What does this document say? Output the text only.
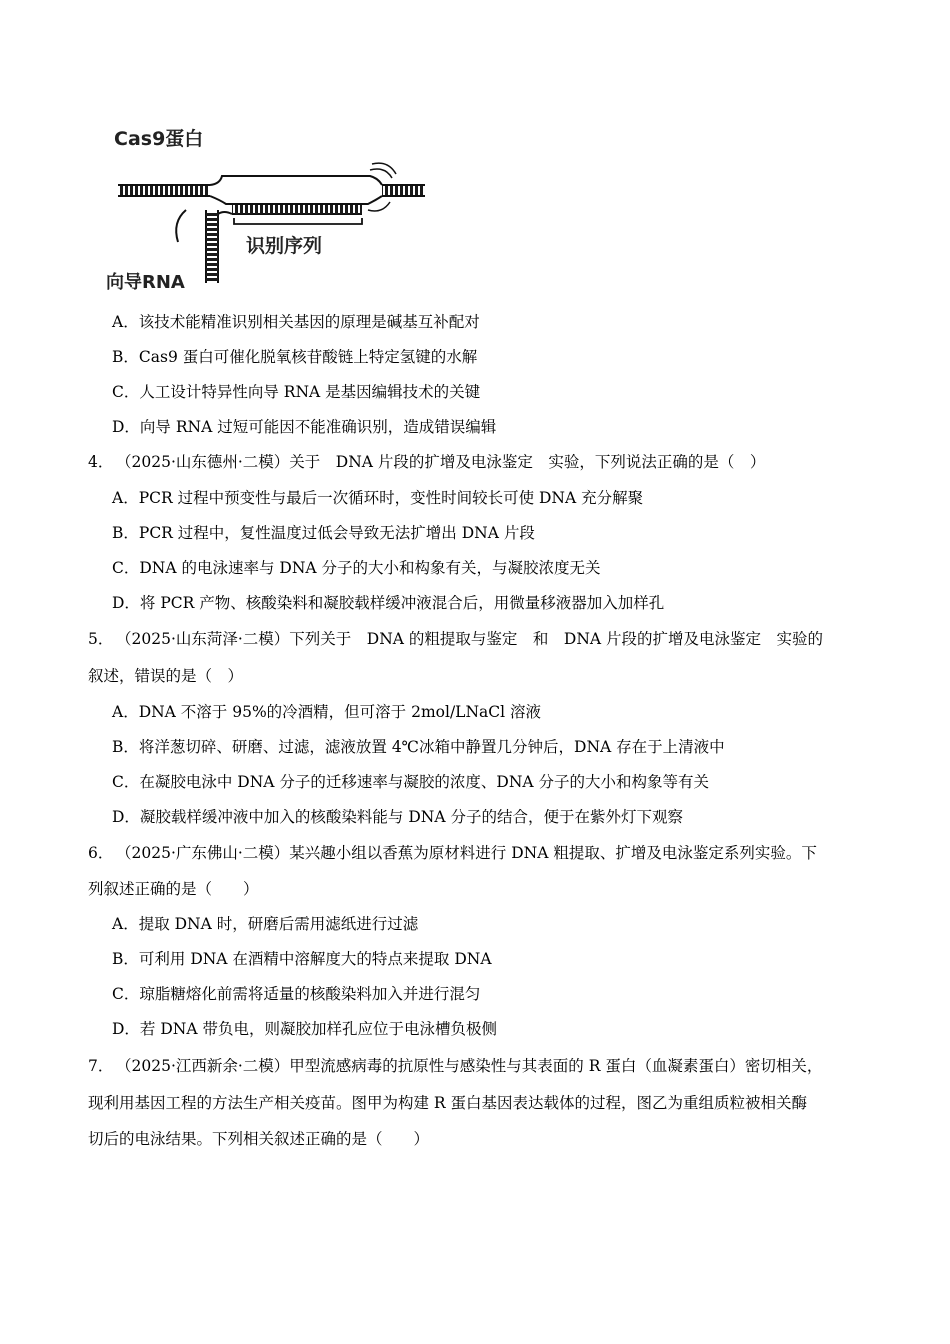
Cas9蛋白
识别序列
向导RNA
A．该技术能精准识别相关基因的原理是碱基互补配对
B．Cas9 蛋白可催化脱氧核苷酸链上特定氢键的水解
C．人工设计特异性向导 RNA 是基因编辑技术的关键
D．向导 RNA 过短可能因不能准确识别，造成错误编辑
4． （2025·山东德州·二模）关于　DNA 片段的扩增及电泳鉴定　实验，下列说法正确的是（　）
A．PCR 过程中预变性与最后一次循环时，变性时间较长可使 DNA 充分解聚
B．PCR 过程中，复性温度过低会导致无法扩增出 DNA 片段
C．DNA 的电泳速率与 DNA 分子的大小和构象有关，与凝胶浓度无关
D．将 PCR 产物、核酸染料和凝胶载样缓冲液混合后，用微量移液器加入加样孔
5． （2025·山东菏泽·二模）下列关于　DNA 的粗提取与鉴定　和　DNA 片段的扩增及电泳鉴定　实验的
叙述，错误的是（　）
A．DNA 不溶于 95%的冷酒精，但可溶于 2mol/LNaCl 溶液
B．将洋葱切碎、研磨、过滤，滤液放置 4℃冰箱中静置几分钟后，DNA 存在于上清液中
C．在凝胶电泳中 DNA 分子的迁移速率与凝胶的浓度、DNA 分子的大小和构象等有关
D．凝胶载样缓冲液中加入的核酸染料能与 DNA 分子的结合，便于在紫外灯下观察
6． （2025·广东佛山·二模）某兴趣小组以香蕉为原材料进行 DNA 粗提取、扩增及电泳鉴定系列实验。下
列叙述正确的是（　　）
A．提取 DNA 时，研磨后需用滤纸进行过滤
B．可利用 DNA 在酒精中溶解度大的特点来提取 DNA
C．琼脂糖熔化前需将适量的核酸染料加入并进行混匀
D．若 DNA 带负电，则凝胶加样孔应位于电泳槽负极侧
7． （2025·江西新余·二模）甲型流感病毒的抗原性与感染性与其表面的 R 蛋白（血凝素蛋白）密切相关，
现利用基因工程的方法生产相关疫苗。图甲为构建 R 蛋白基因表达载体的过程，图乙为重组质粒被相关酶
切后的电泳结果。下列相关叙述正确的是（　　）
